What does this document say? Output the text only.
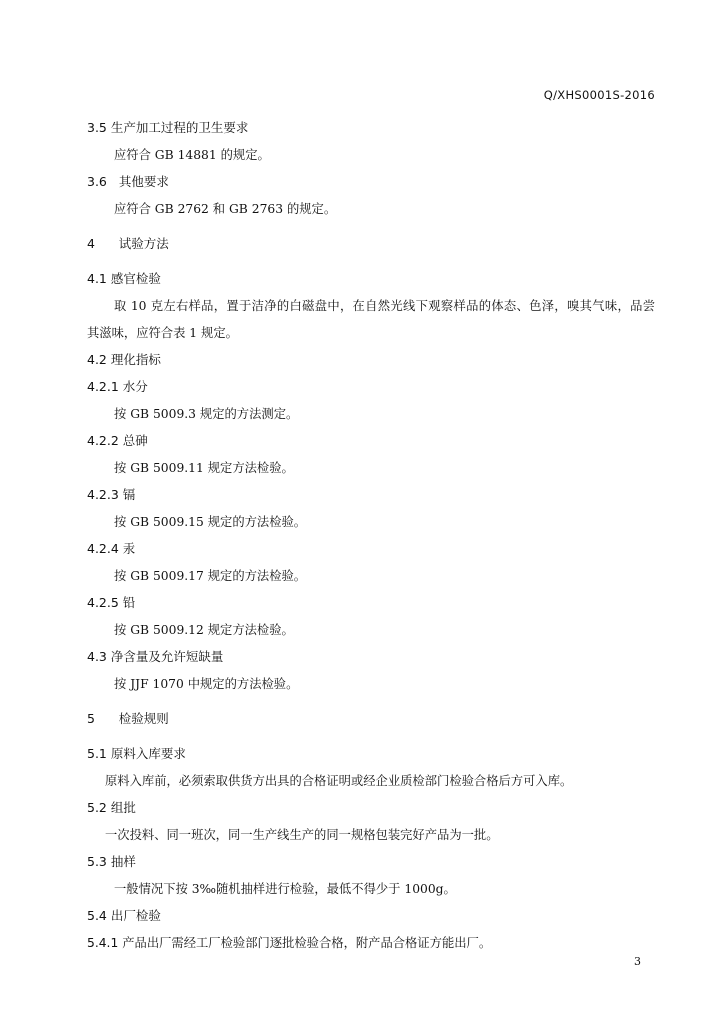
Q/XHS0001S-2016
3.5 生产加工过程的卫生要求
应符合 GB 14881 的规定。
3.6 其他要求
应符合 GB 2762 和 GB 2763 的规定。
4 试验方法
4.1 感官检验
取 10 克左右样品，置于洁净的白磁盘中，在自然光线下观察样品的体态、色泽，嗅其气味，品尝
其滋味，应符合表 1 规定。
4.2 理化指标
4.2.1 水分
按 GB 5009.3 规定的方法测定。
4.2.2 总砷
按 GB 5009.11 规定方法检验。
4.2.3 镉
按 GB 5009.15 规定的方法检验。
4.2.4 汞
按 GB 5009.17 规定的方法检验。
4.2.5 铅
按 GB 5009.12 规定方法检验。
4.3 净含量及允许短缺量
按 JJF 1070 中规定的方法检验。
5 检验规则
5.1 原料入库要求
原料入库前，必须索取供货方出具的合格证明或经企业质检部门检验合格后方可入库。
5.2 组批
一次投料、同一班次，同一生产线生产的同一规格包装完好产品为一批。
5.3 抽样
一般情况下按 3‰随机抽样进行检验，最低不得少于 1000g。
5.4 出厂检验
5.4.1 产品出厂需经工厂检验部门逐批检验合格，附产品合格证方能出厂。
3
